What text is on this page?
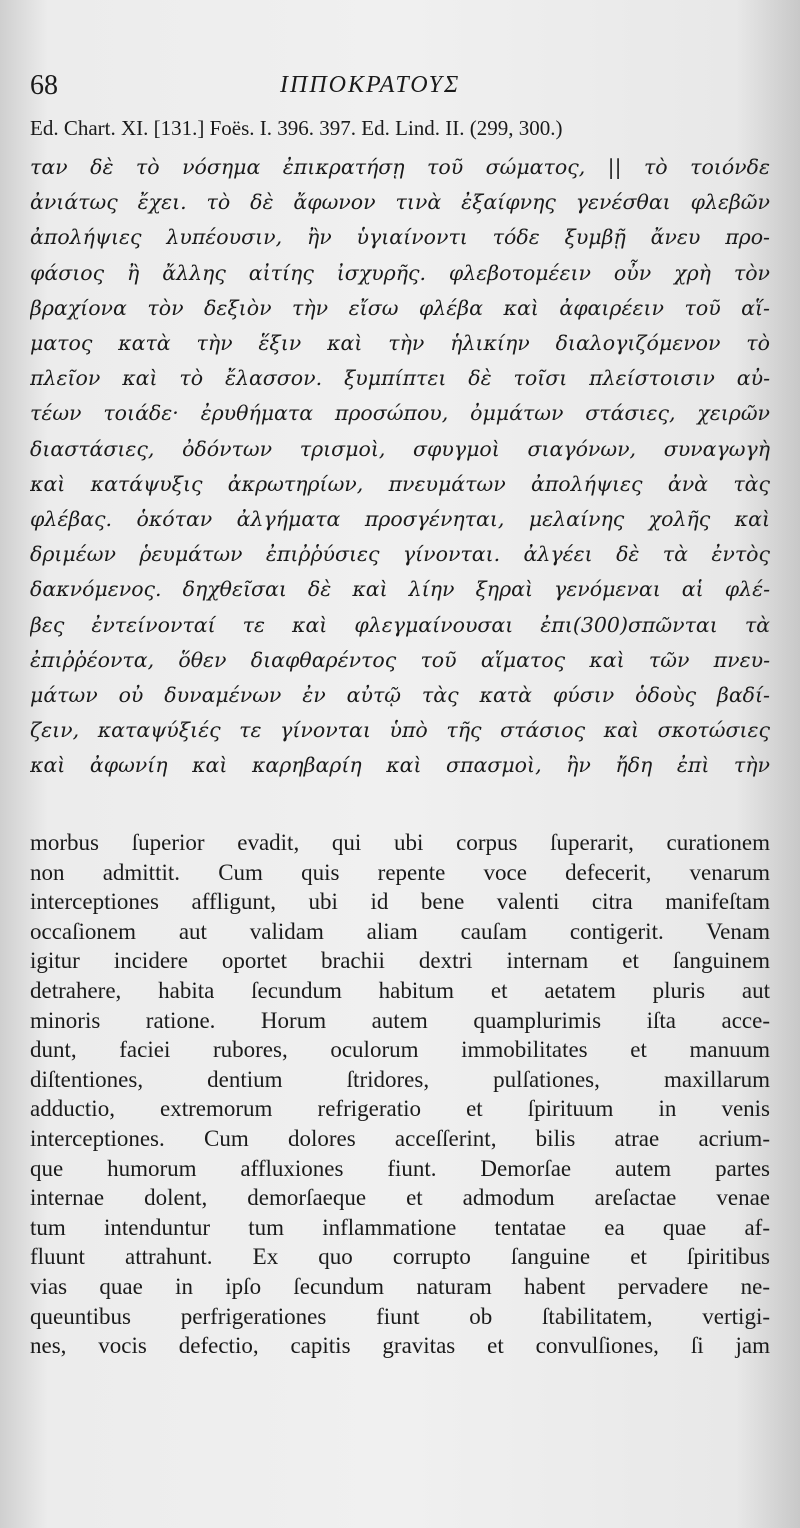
68	ΙΠΠΟΚΡΑΤΟΥΣ
Ed. Chart. XI. [131.] Foës. I. 396. 397. Ed. Lind. II. (299, 300.)
ταν δὲ τὸ νόσημα ἐπικρατήσῃ τοῦ σώματος, || τὸ τοιόνδε
ἀνιάτως ἔχει. τὸ δὲ ἄφωνον τινὰ ἐξαίφνης γενέσθαι φλεβῶν
ἀπολήψιες λυπέουσιν, ἢν ὑγιαίνοντι τόδε ξυμβῇ ἄνευ προ-
φάσιος ἢ ἄλλης αἰτίης ἰσχυρῆς. φλεβοτομέειν οὖν χρὴ τὸν
βραχίονα τὸν δεξιὸν τὴν εἴσω φλέβα καὶ ἀφαιρέειν τοῦ αἵ-
ματος κατὰ τὴν ἕξιν καὶ τὴν ἡλικίην διαλογιζόμενον τὸ
πλεῖον καὶ τὸ ἔλασσον. ξυμπίπτει δὲ τοῖσι πλείστοισιν αὐ-
τέων τοιάδε· ἐρυθήματα προσώπου, ὀμμάτων στάσιες, χειρῶν
διαστάσιες, ὀδόντων τρισμοὶ, σφυγμοὶ σιαγόνων, συναγωγὴ
καὶ κατάψυξις ἀκρωτηρίων, πνευμάτων ἀπολήψιες ἀνὰ τὰς
φλέβας. ὁκόταν ἀλγήματα προσγένηται, μελαίνης χολῆς καὶ
δριμέων ῥευμάτων ἐπιῤῥύσιες γίνονται. ἀλγέει δὲ τὰ ἐντὸς
δακνόμενος. δηχθεῖσαι δὲ καὶ λίην ξηραὶ γενόμεναι αἱ φλέ-
βες ἐντείνονταί τε καὶ φλεγμαίνουσαι ἐπι(300)σπῶνται τὰ
ἐπιῤῥέοντα, ὅθεν διαφθαρέντος τοῦ αἵματος καὶ τῶν πνευ-
μάτων οὐ δυναμένων ἐν αὐτῷ τὰς κατὰ φύσιν ὁδοὺς βαδί-
ζειν, καταψύξιές τε γίνονται ὑπὸ τῆς στάσιος καὶ σκοτώσιες
καὶ ἀφωνίη καὶ καρηβαρίη καὶ σπασμοὶ, ἢν ἤδη ἐπὶ τὴν
morbus ſuperior evadit, qui ubi corpus ſuperarit, curationem
non admittit. Cum quis repente voce defecerit, venarum
interceptiones affligunt, ubi id bene valenti citra manifeſtam
occaſionem aut validam aliam cauſam contigerit. Venam
igitur incidere oportet brachii dextri internam et ſanguinem
detrahere, habita ſecundum habitum et aetatem pluris aut
minoris ratione. Horum autem quamplurimis iſta acce-
dunt, faciei rubores, oculorum immobilitates et manuum
diſtentiones, dentium ſtridores, pulſationes, maxillarum
adductio, extremorum refrigeratio et ſpirituum in venis
interceptiones. Cum dolores acceſſerint, bilis atrae acrium-
que humorum affluxiones fiunt. Demorſae autem partes
internae dolent, demorſaeque et admodum areſactae venae
tum intenduntur tum inflammatione tentatae ea quae af-
fluunt attrahunt. Ex quo corrupto ſanguine et ſpiritibus
vias quae in ipſo ſecundum naturam habent pervadere ne-
queuntibus perfrigerationes fiunt ob ſtabilitatem, vertigi-
nes, vocis defectio, capitis gravitas et convulſiones, ſi jam
